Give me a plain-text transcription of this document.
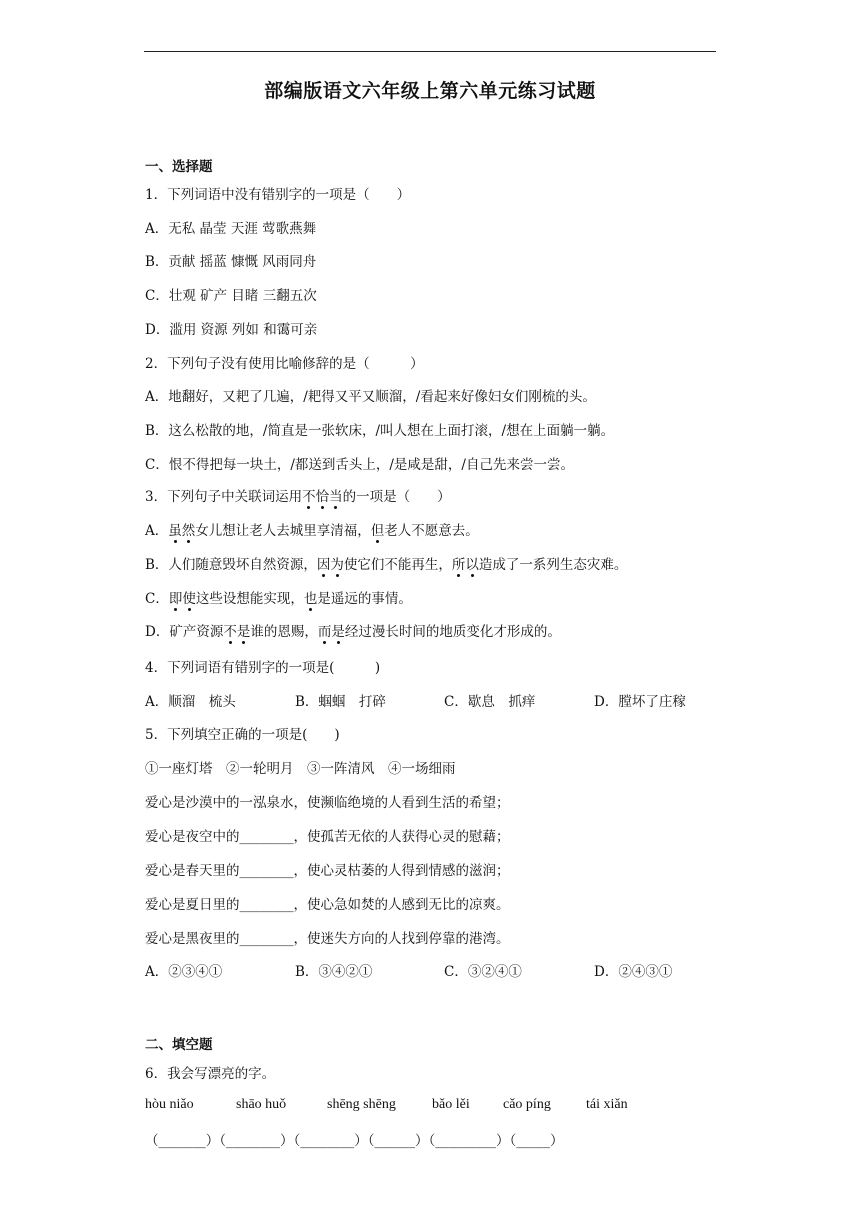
部编版语文六年级上第六单元练习试题
一、选择题
1．下列词语中没有错别字的一项是（　　）
A．无私 晶莹 天涯 莺歌燕舞
B．贡献 摇蓝 慷慨 风雨同舟
C．壮观 矿产 目睹 三翻五次
D．滥用 资源 列如 和霭可亲
2．下列句子没有使用比喻修辞的是（　　　）
A．地翻好，又耙了几遍，/耙得又平又顺溜，/看起来好像妇女们刚梳的头。
B．这么松散的地，/简直是一张软床，/叫人想在上面打滚，/想在上面躺一躺。
C．恨不得把每一块土，/都送到舌头上，/是咸是甜，/自己先来尝一尝。
3．下列句子中关联词运用不恰当的一项是（　　）
A．虽然女儿想让老人去城里享清福，但老人不愿意去。
B．人们随意毁坏自然资源，因为使它们不能再生，所以造成了一系列生态灾难。
C．即使这些设想能实现，也是遥远的事情。
D．矿产资源不是谁的恩赐，而是经过漫长时间的地质变化才形成的。
4．下列词语有错别字的一项是(　　　)
A．顺溜　梳头	B．蝈蝈　打碎	C．歇息　抓痒	D．膛坏了庄稼
5．下列填空正确的一项是(　　)
①一座灯塔　②一轮明月　③一阵清风　④一场细雨
爱心是沙漠中的一泓泉水，使濒临绝境的人看到生活的希望；
爱心是夜空中的________，使孤苦无依的人获得心灵的慰藉；
爱心是春天里的________，使心灵枯萎的人得到情感的滋润；
爱心是夏日里的________，使心急如焚的人感到无比的凉爽。
爱心是黑夜里的________，使迷失方向的人找到停靠的港湾。
A．②③④①	B．③④②①	C．③②④①	D．②④③①
二、填空题
6．我会写漂亮的字。
hòu niǎo	shāo huǒ	shēng shēng	bǎo lěi cǎo píng	tái xiǎn
（_______）（________）（________）（______）（_________）（_____）
